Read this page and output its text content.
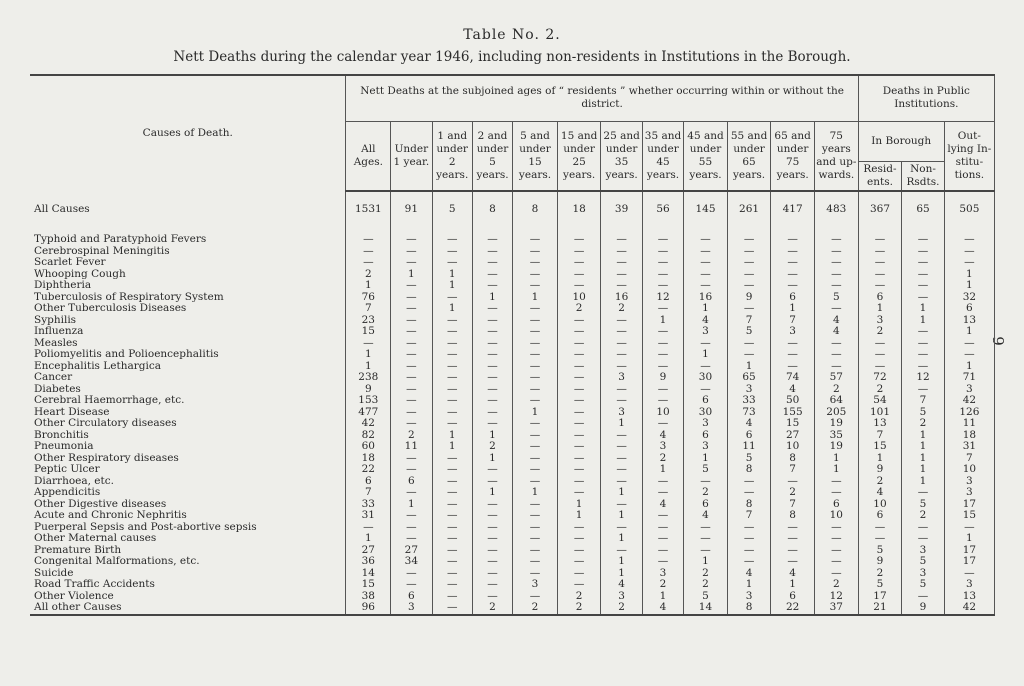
Table No. 2.
Nett Deaths during the calendar year 1946, including non-residents in Institutions in the Borough.
9
Causes of Death.	Nett Deaths at the subjoined ages of “ residents ” whether occurring within or without the district.												Deaths in Public Institutions.		
	All Ages.	Under 1 year.	1 and under 2 years.	2 and under 5 years.	5 and under 15 years.	15 and under 25 years.	25 and under 35 years.	35 and under 45 years.	45 and under 55 years.	55 and under 65 years.	65 and under 75 years.	75 years and up-wards.	In Borough		Out-lying In-stitu-tions.
													Resid-ents.	Non-Rsdts.	
All Causes	1531	91	5	8	8	18	39	56	145	261	417	483	367	65	505

Typhoid and Paratyphoid Fevers	—	—	—	—	—	—	—	—	—	—	—	—	—	—	—
Cerebrospinal Meningitis	—	—	—	—	—	—	—	—	—	—	—	—	—	—	—
Scarlet Fever	—	—	—	—	—	—	—	—	—	—	—	—	—	—	—
Whooping Cough	2	1	1	—	—	—	—	—	—	—	—	—	—	—	1
Diphtheria	1	—	1	—	—	—	—	—	—	—	—	—	—	—	1
Tuberculosis of Respiratory System	76	—	—	1	1	10	16	12	16	9	6	5	6	—	32
Other Tuberculosis Diseases	7	—	1	—	—	2	2	—	1	—	1	—	1	1	6
Syphilis	23	—	—	—	—	—	—	1	4	7	7	4	3	1	13
Influenza	15	—	—	—	—	—	—	—	3	5	3	4	2	—	1
Measles	—	—	—	—	—	—	—	—	—	—	—	—	—	—	—
Poliomyelitis and Polioencephalitis	1	—	—	—	—	—	—	—	1	—	—	—	—	—	—
Encephalitis Lethargica	1	—	—	—	—	—	—	—	—	1	—	—	—	—	1
Cancer	238	—	—	—	—	—	3	9	30	65	74	57	72	12	71
Diabetes	9	—	—	—	—	—	—	—	—	3	4	2	2	—	3
Cerebral Haemorrhage, etc.	153	—	—	—	—	—	—	—	6	33	50	64	54	7	42
Heart Disease	477	—	—	—	1	—	3	10	30	73	155	205	101	5	126
Other Circulatory diseases	42	—	—	—	—	—	1	—	3	4	15	19	13	2	11
Bronchitis	82	2	1	1	—	—	—	4	6	6	27	35	7	1	18
Pneumonia	60	11	1	2	—	—	—	3	3	11	10	19	15	1	31
Other Respiratory diseases	18	—	—	1	—	—	—	2	1	5	8	1	1	1	7
Peptic Ulcer	22	—	—	—	—	—	—	1	5	8	7	1	9	1	10
Diarrhoea, etc.	6	6	—	—	—	—	—	—	—	—	—	—	2	1	3
Appendicitis	7	—	—	1	1	—	1	—	2	—	2	—	4	—	3
Other Digestive diseases	33	1	—	—	—	1	—	4	6	8	7	6	10	5	17
Acute and Chronic Nephritis	31	—	—	—	—	1	1	—	4	7	8	10	6	2	15
Puerperal Sepsis and Post-abortive sepsis	—	—	—	—	—	—	—	—	—	—	—	—	—	—	—
Other Maternal causes	1	—	—	—	—	—	1	—	—	—	—	—	—	—	1
Premature Birth	27	27	—	—	—	—	—	—	—	—	—	—	5	3	17
Congenital Malformations, etc.	36	34	—	—	—	—	1	—	1	—	—	—	9	5	17
Suicide	14	—	—	—	—	—	1	3	2	4	4	—	2	3	—
Road Traffic Accidents	15	—	—	—	3	—	4	2	2	1	1	2	5	5	3
Other Violence	38	6	—	—	—	2	3	1	5	3	6	12	17	—	13
All other Causes	96	3	—	2	2	2	2	4	14	8	22	37	21	9	42
